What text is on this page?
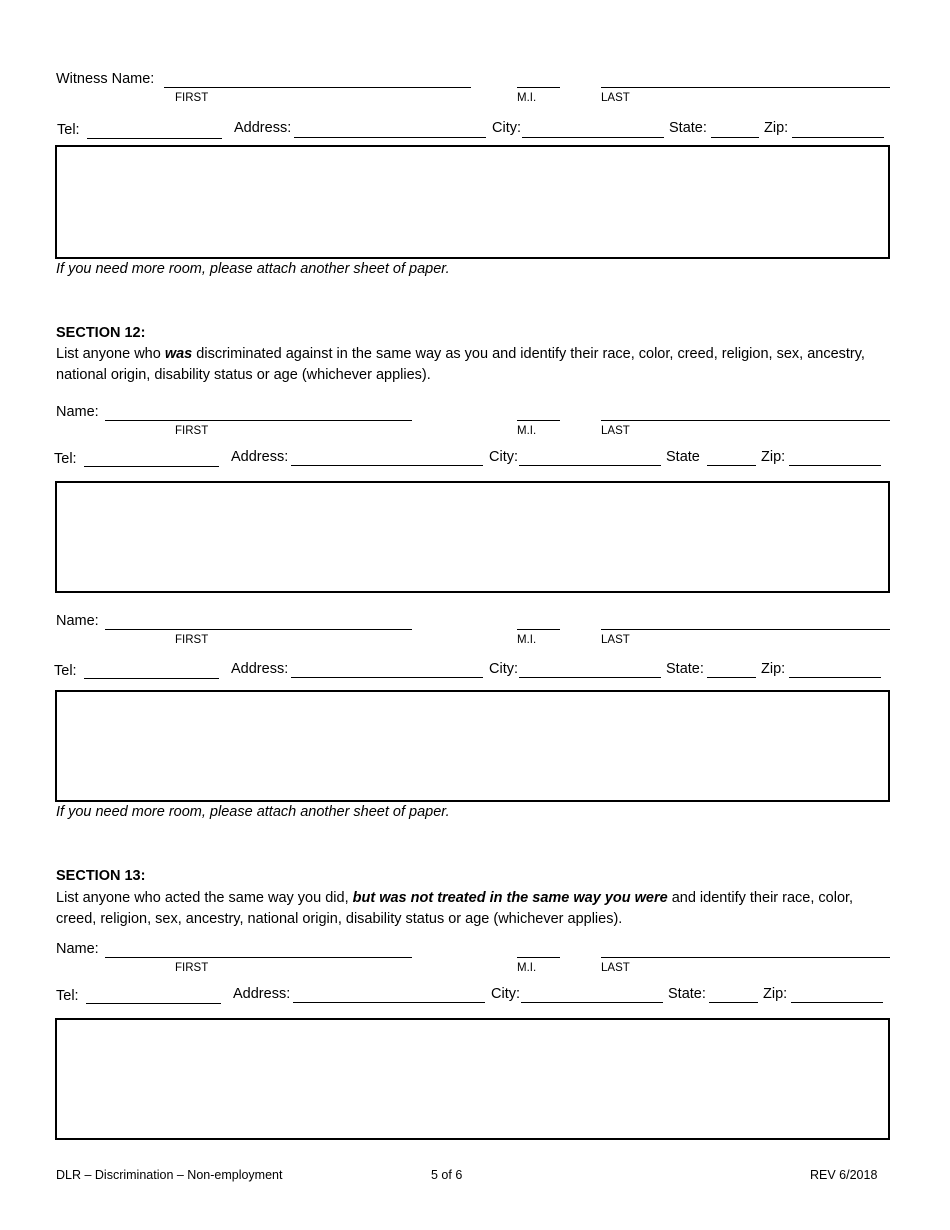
Witness Name:
FIRST	M.I.	LAST
Tel:	Address:	City:	State:	Zip:
If you need more room, please attach another sheet of paper.
SECTION 12:
List anyone who was discriminated against in the same way as you and identify their race, color, creed, religion, sex, ancestry, national origin, disability status or age (whichever applies).
Name:
FIRST	M.I.	LAST
Tel:	Address:	City:	State	Zip:
Name:
FIRST	M.I.	LAST
Tel:	Address:	City:	State:	Zip:
If you need more room, please attach another sheet of paper.
SECTION 13:
List anyone who acted the same way you did, but was not treated in the same way you were and identify their race, color, creed, religion, sex, ancestry, national origin, disability status or age (whichever applies).
Name:
FIRST	M.I.	LAST
Tel:	Address:	City:	State:	Zip:
DLR – Discrimination – Non-employment	5 of 6	REV 6/2018
